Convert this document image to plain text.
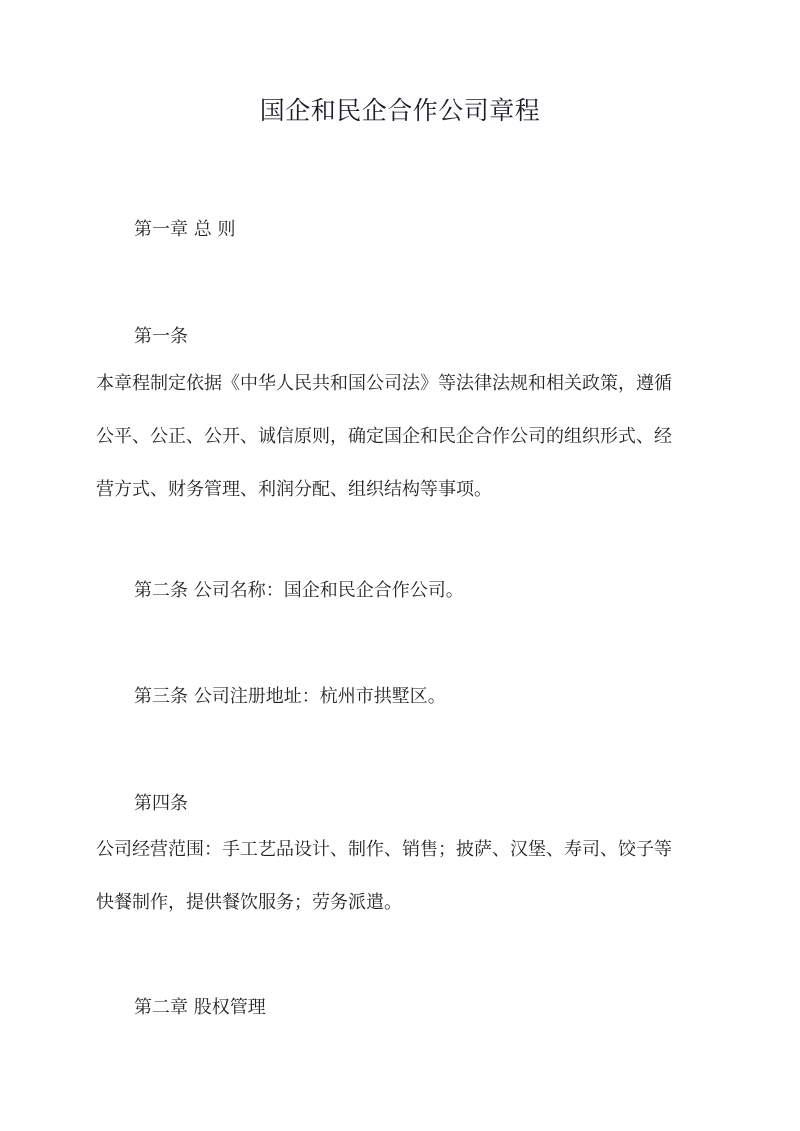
国企和民企合作公司章程
第一章 总 则
第一条
本章程制定依据《中华人民共和国公司法》等法律法规和相关政策，遵循
公平、公正、公开、诚信原则，确定国企和民企合作公司的组织形式、经
营方式、财务管理、利润分配、组织结构等事项。
第二条 公司名称：国企和民企合作公司。
第三条 公司注册地址：杭州市拱墅区。
第四条
公司经营范围：手工艺品设计、制作、销售；披萨、汉堡、寿司、饺子等
快餐制作，提供餐饮服务；劳务派遣。
第二章 股权管理
